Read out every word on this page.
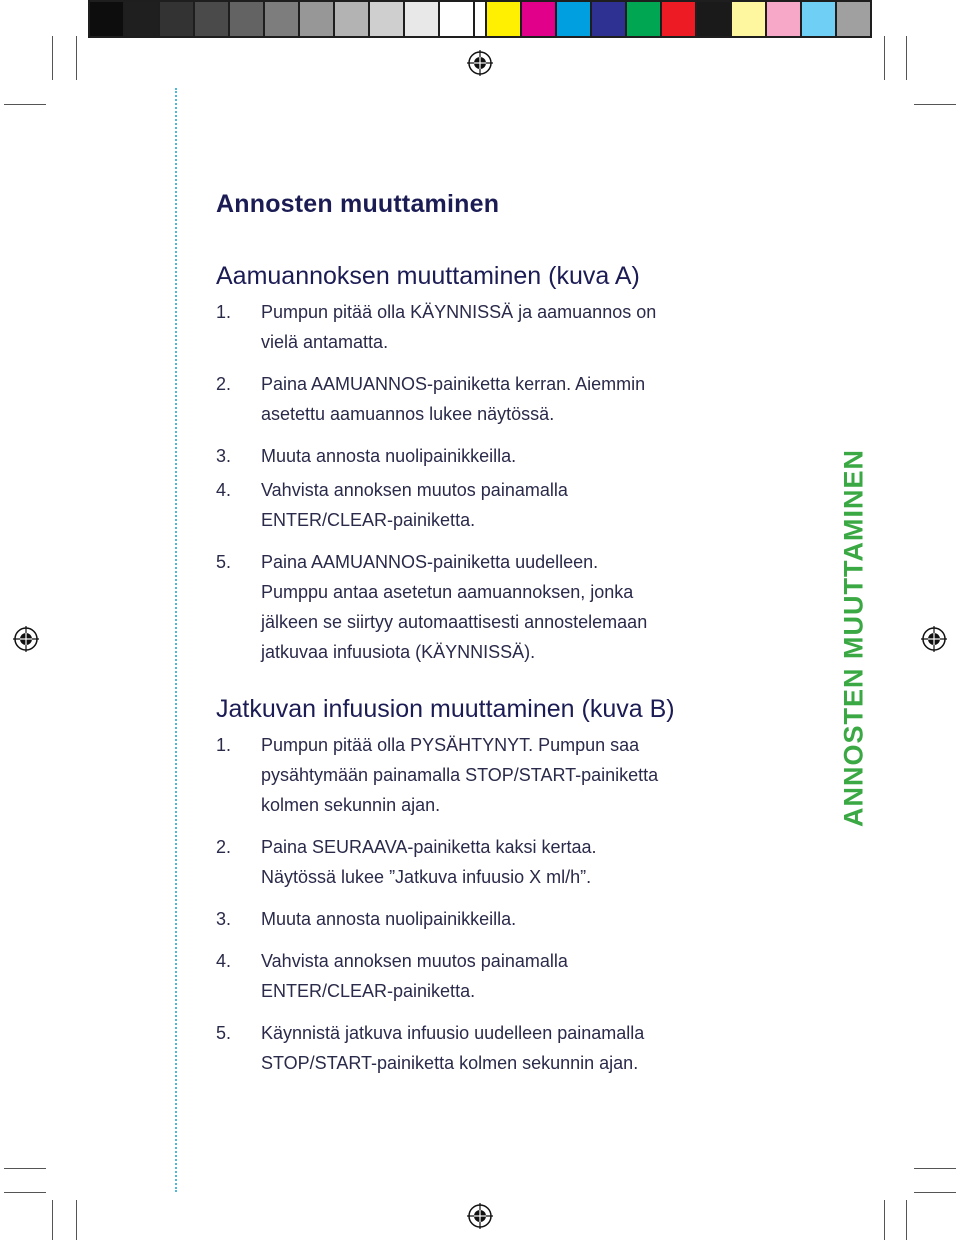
Annosten muuttaminen
Aamuannoksen muuttaminen (kuva A)
1. Pumpun pitää olla KÄYNNISSÄ ja aamuannos on
vielä antamatta.
2. Paina AAMUANNOS-painiketta kerran. Aiemmin
asetettu aamuannos lukee näytössä.
3. Muuta annosta nuolipainikkeilla.
4. Vahvista annoksen muutos painamalla
ENTER/CLEAR-painiketta.
5. Paina AAMUANNOS-painiketta uudelleen.
Pumppu antaa asetetun aamuannoksen, jonka
jälkeen se siirtyy automaattisesti annostelemaan
jatkuvaa infuusiota (KÄYNNISSÄ).
Jatkuvan infuusion muuttaminen (kuva B)
1. Pumpun pitää olla PYSÄHTYNYT. Pumpun saa
pysähtymään painamalla STOP/START-painiketta
kolmen sekunnin ajan.
2. Paina SEURAAVA-painiketta kaksi kertaa.
Näytössä lukee ”Jatkuva infuusio X ml/h”.
3. Muuta annosta nuolipainikkeilla.
4. Vahvista annoksen muutos painamalla
ENTER/CLEAR-painiketta.
5. Käynnistä jatkuva infuusio uudelleen painamalla
STOP/START-painiketta kolmen sekunnin ajan.
ANNOSTEN MUUTTAMINEN
